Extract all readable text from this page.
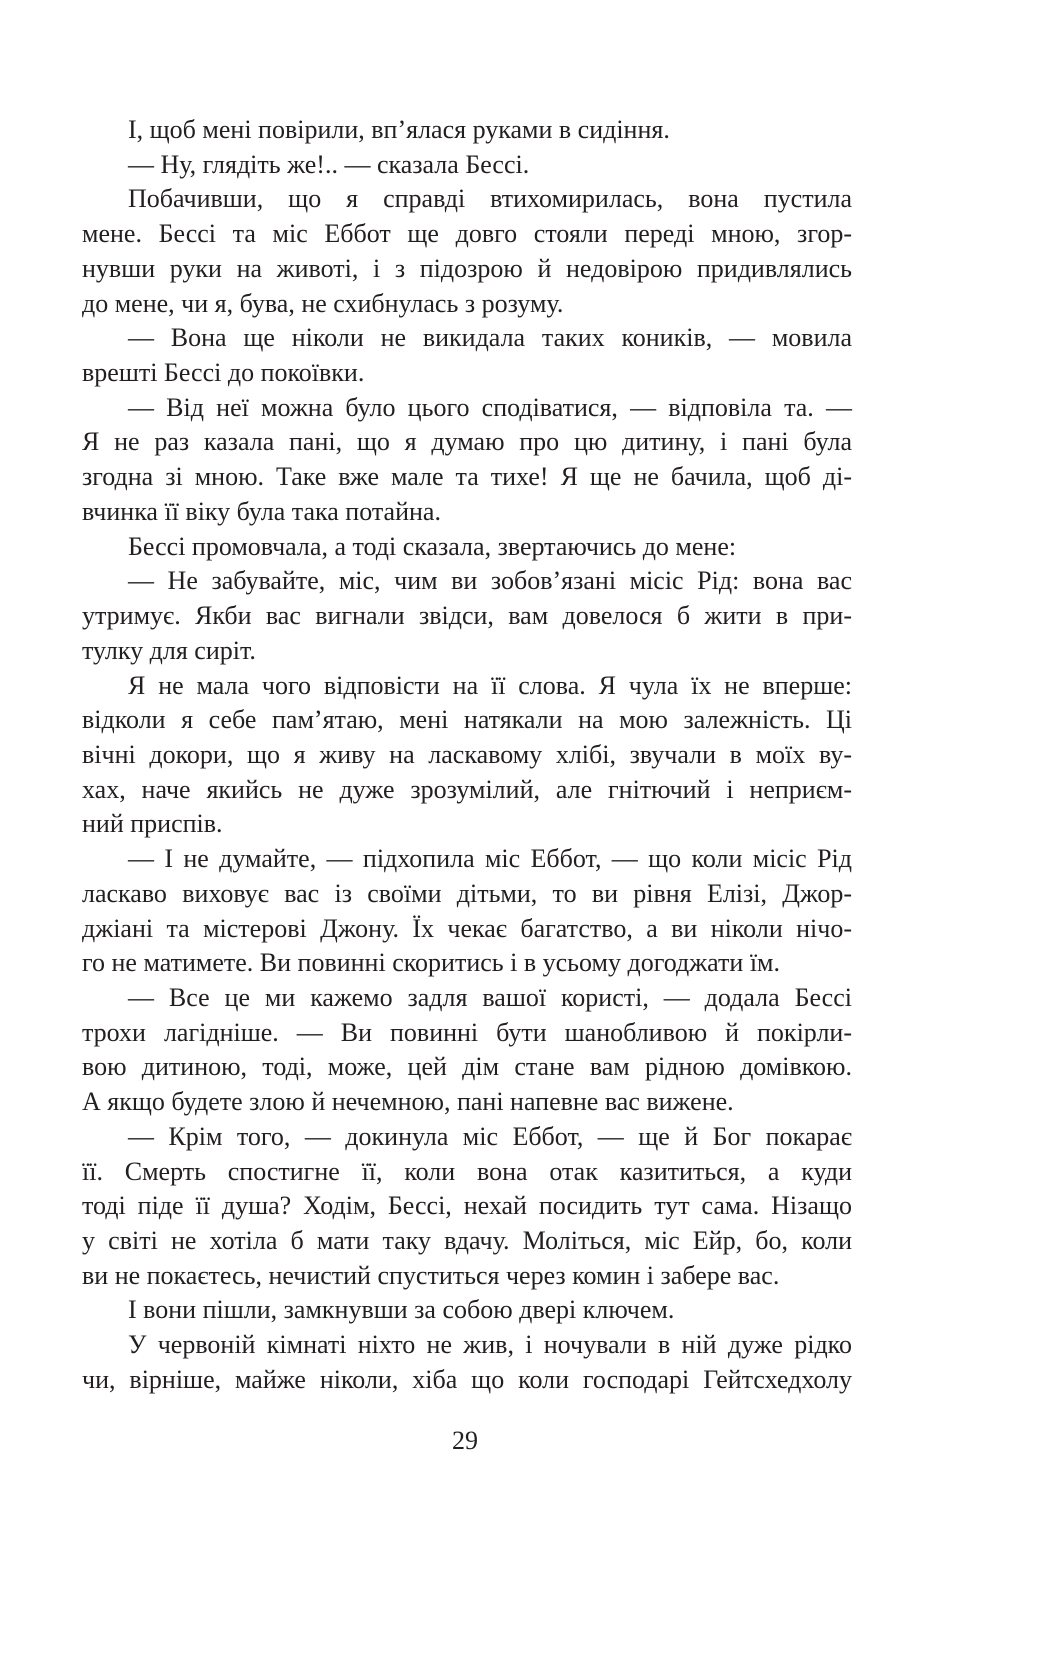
І, щоб мені повірили, вп’ялася руками в сидіння.
— Ну, глядіть же!.. — сказала Бессі.
Побачивши, що я справді втихомирилась, вона пустила
мене. Бессі та міс Еббот ще довго стояли переді мною, згор-
нувши руки на животі, і з підозрою й недовірою придивлялись
до мене, чи я, бува, не схибнулась з розуму.
— Вона ще ніколи не викидала таких коників, — мовила
врешті Бессі до покоївки.
— Від неї можна було цього сподіватися, — відповіла та. —
Я не раз казала пані, що я думаю про цю дитину, і пані була
згодна зі мною. Таке вже мале та тихе! Я ще не бачила, щоб ді-
вчинка її віку була така потайна.
Бессі промовчала, а тоді сказала, звертаючись до мене:
— Не забувайте, міс, чим ви зобов’язані місіс Рід: вона вас
утримує. Якби вас вигнали звідси, вам довелося б жити в при-
тулку для сиріт.
Я не мала чого відповісти на її слова. Я чула їх не вперше:
відколи я себе пам’ятаю, мені натякали на мою залежність. Ці
вічні докори, що я живу на ласкавому хлібі, звучали в моїх ву-
хах, наче якийсь не дуже зрозумілий, але гнітючий і неприєм-
ний приспів.
— І не думайте, — підхопила міс Еббот, — що коли місіс Рід
ласкаво виховує вас із своїми дітьми, то ви рівня Елізі, Джор-
джіані та містерові Джону. Їх чекає багатство, а ви ніколи нічо-
го не матимете. Ви повинні скоритись і в усьому догоджати їм.
— Все це ми кажемо задля вашої користі, — додала Бессі
трохи лагідніше. — Ви повинні бути шанобливою й покірли-
вою дитиною, тоді, може, цей дім стане вам рідною домівкою.
А якщо будете злою й нечемною, пані напевне вас вижене.
— Крім того, — докинула міс Еббот, — ще й Бог покарає
її. Смерть спостигне її, коли вона отак казититься, а куди
тоді піде її душа? Ходім, Бессі, нехай посидить тут сама. Нізащо
у світі не хотіла б мати таку вдачу. Моліться, міс Ейр, бо, коли
ви не покаєтесь, нечистий спуститься через комин і забере вас.
І вони пішли, замкнувши за собою двері ключем.
У червоній кімнаті ніхто не жив, і ночували в ній дуже рідко
чи, вірніше, майже ніколи, хіба що коли господарі Гейтсхедхолу
29
